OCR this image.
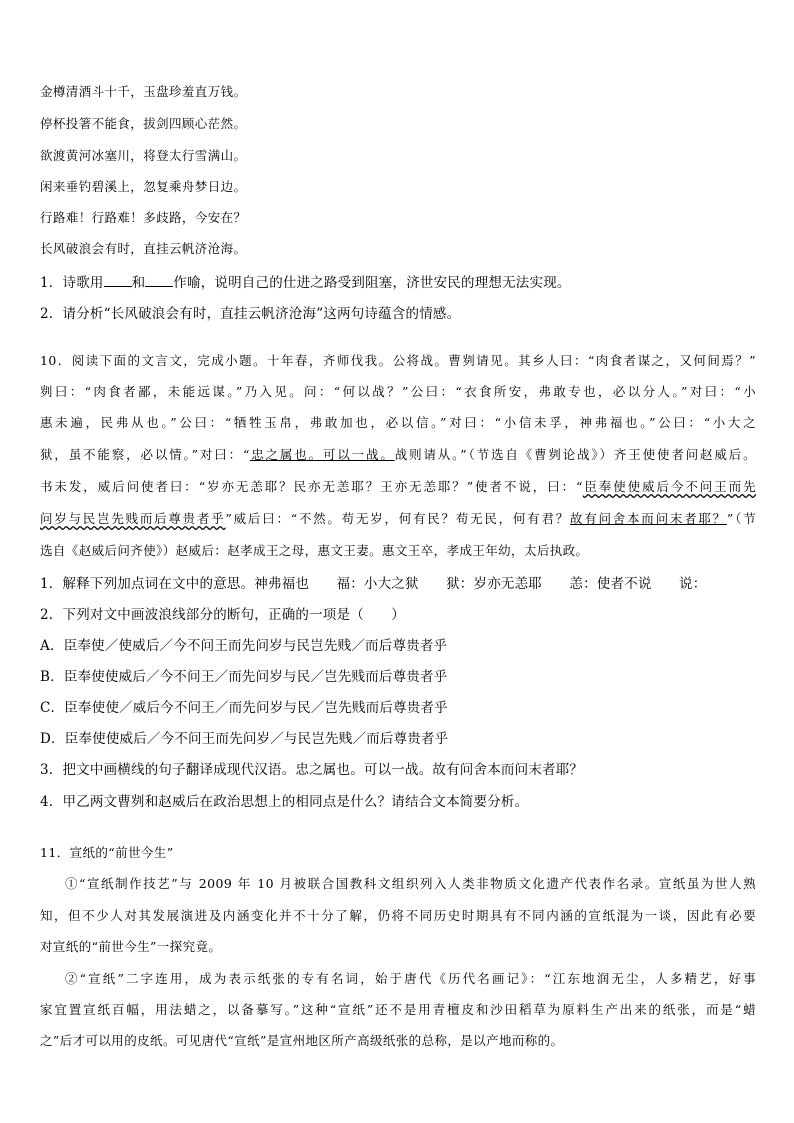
金樽清酒斗十千，玉盘珍羞直万钱。
停杯投箸不能食，拔剑四顾心茫然。
欲渡黄河冰塞川，将登太行雪满山。
闲来垂钓碧溪上，忽复乘舟梦日边。
行路难！行路难！多歧路，今安在？
长风破浪会有时，直挂云帆济沧海。
1．诗歌用 和 作喻，说明自己的仕进之路受到阻塞，济世安民的理想无法实现。
2．请分析“长风破浪会有时，直挂云帆济沧海”这两句诗蕴含的情感。
10．阅读下面的文言文，完成小题。十年春，齐师伐我。公将战。曹刿请见。其乡人曰：“肉食者谋之，又何间焉？”
刿曰：“肉食者鄙，未能远谋。”乃入见。问：“何以战？”公曰：“衣食所安，弗敢专也，必以分人。”对曰：“小
惠未遍，民弗从也。”公曰：“牺牲玉帛，弗敢加也，必以信。”对曰：“小信未孚，神弗福也。”公曰：“小大之
狱，虽不能察，必以情。”对曰：“忠之属也。可以一战。战则请从。”（节选自《曹刿论战》）齐王使使者问赵威后。
书未发，威后问使者曰：“岁亦无恙耶？民亦无恙耶？王亦无恙耶？”使者不说，曰：“臣奉使使威后今不问王而先
问岁与民岂先贱而后尊贵者乎”威后曰：“不然。苟无岁，何有民？苟无民，何有君？故有问舍本而问末者耶？”（节
选自《赵威后问齐使》）赵威后：赵孝成王之母，惠文王妻。惠文王卒，孝成王年幼，太后执政。
1．解释下列加点词在文中的意思。神弗福也　　福：小大之狱　　狱：岁亦无恙耶　　恙：使者不说　　说：
2．下列对文中画波浪线部分的断句，正确的一项是（　　）
A．臣奉使／使威后／今不问王而先问岁与民岂先贱／而后尊贵者乎
B．臣奉使使威后／今不问王／而先问岁与民／岂先贱而后尊贵者乎
C．臣奉使使／威后今不问王／而先问岁与民／岂先贱而后尊贵者乎
D．臣奉使使威后／今不问王而先问岁／与民岂先贱／而后尊贵者乎
3．把文中画横线的句子翻译成现代汉语。忠之属也。可以一战。故有问舍本而问末者耶？
4．甲乙两文曹刿和赵威后在政治思想上的相同点是什么？请结合文本简要分析。
11．宣纸的“前世今生”
①“宣纸制作技艺”与 2009 年 10 月被联合国教科文组织列入人类非物质文化遗产代表作名录。宣纸虽为世人熟
知，但不少人对其发展演进及内涵变化并不十分了解，仍将不同历史时期具有不同内涵的宣纸混为一谈，因此有必要
对宣纸的“前世今生”一探究竟。
②“宣纸”二字连用，成为表示纸张的专有名词，始于唐代《历代名画记》：“江东地润无尘，人多精艺，好事
家宜置宣纸百幅，用法蜡之，以备摹写。”这种“宣纸”还不是用青檀皮和沙田稻草为原料生产出来的纸张，而是“蜡
之”后才可以用的皮纸。可见唐代“宣纸”是宣州地区所产高级纸张的总称，是以产地而称的。
